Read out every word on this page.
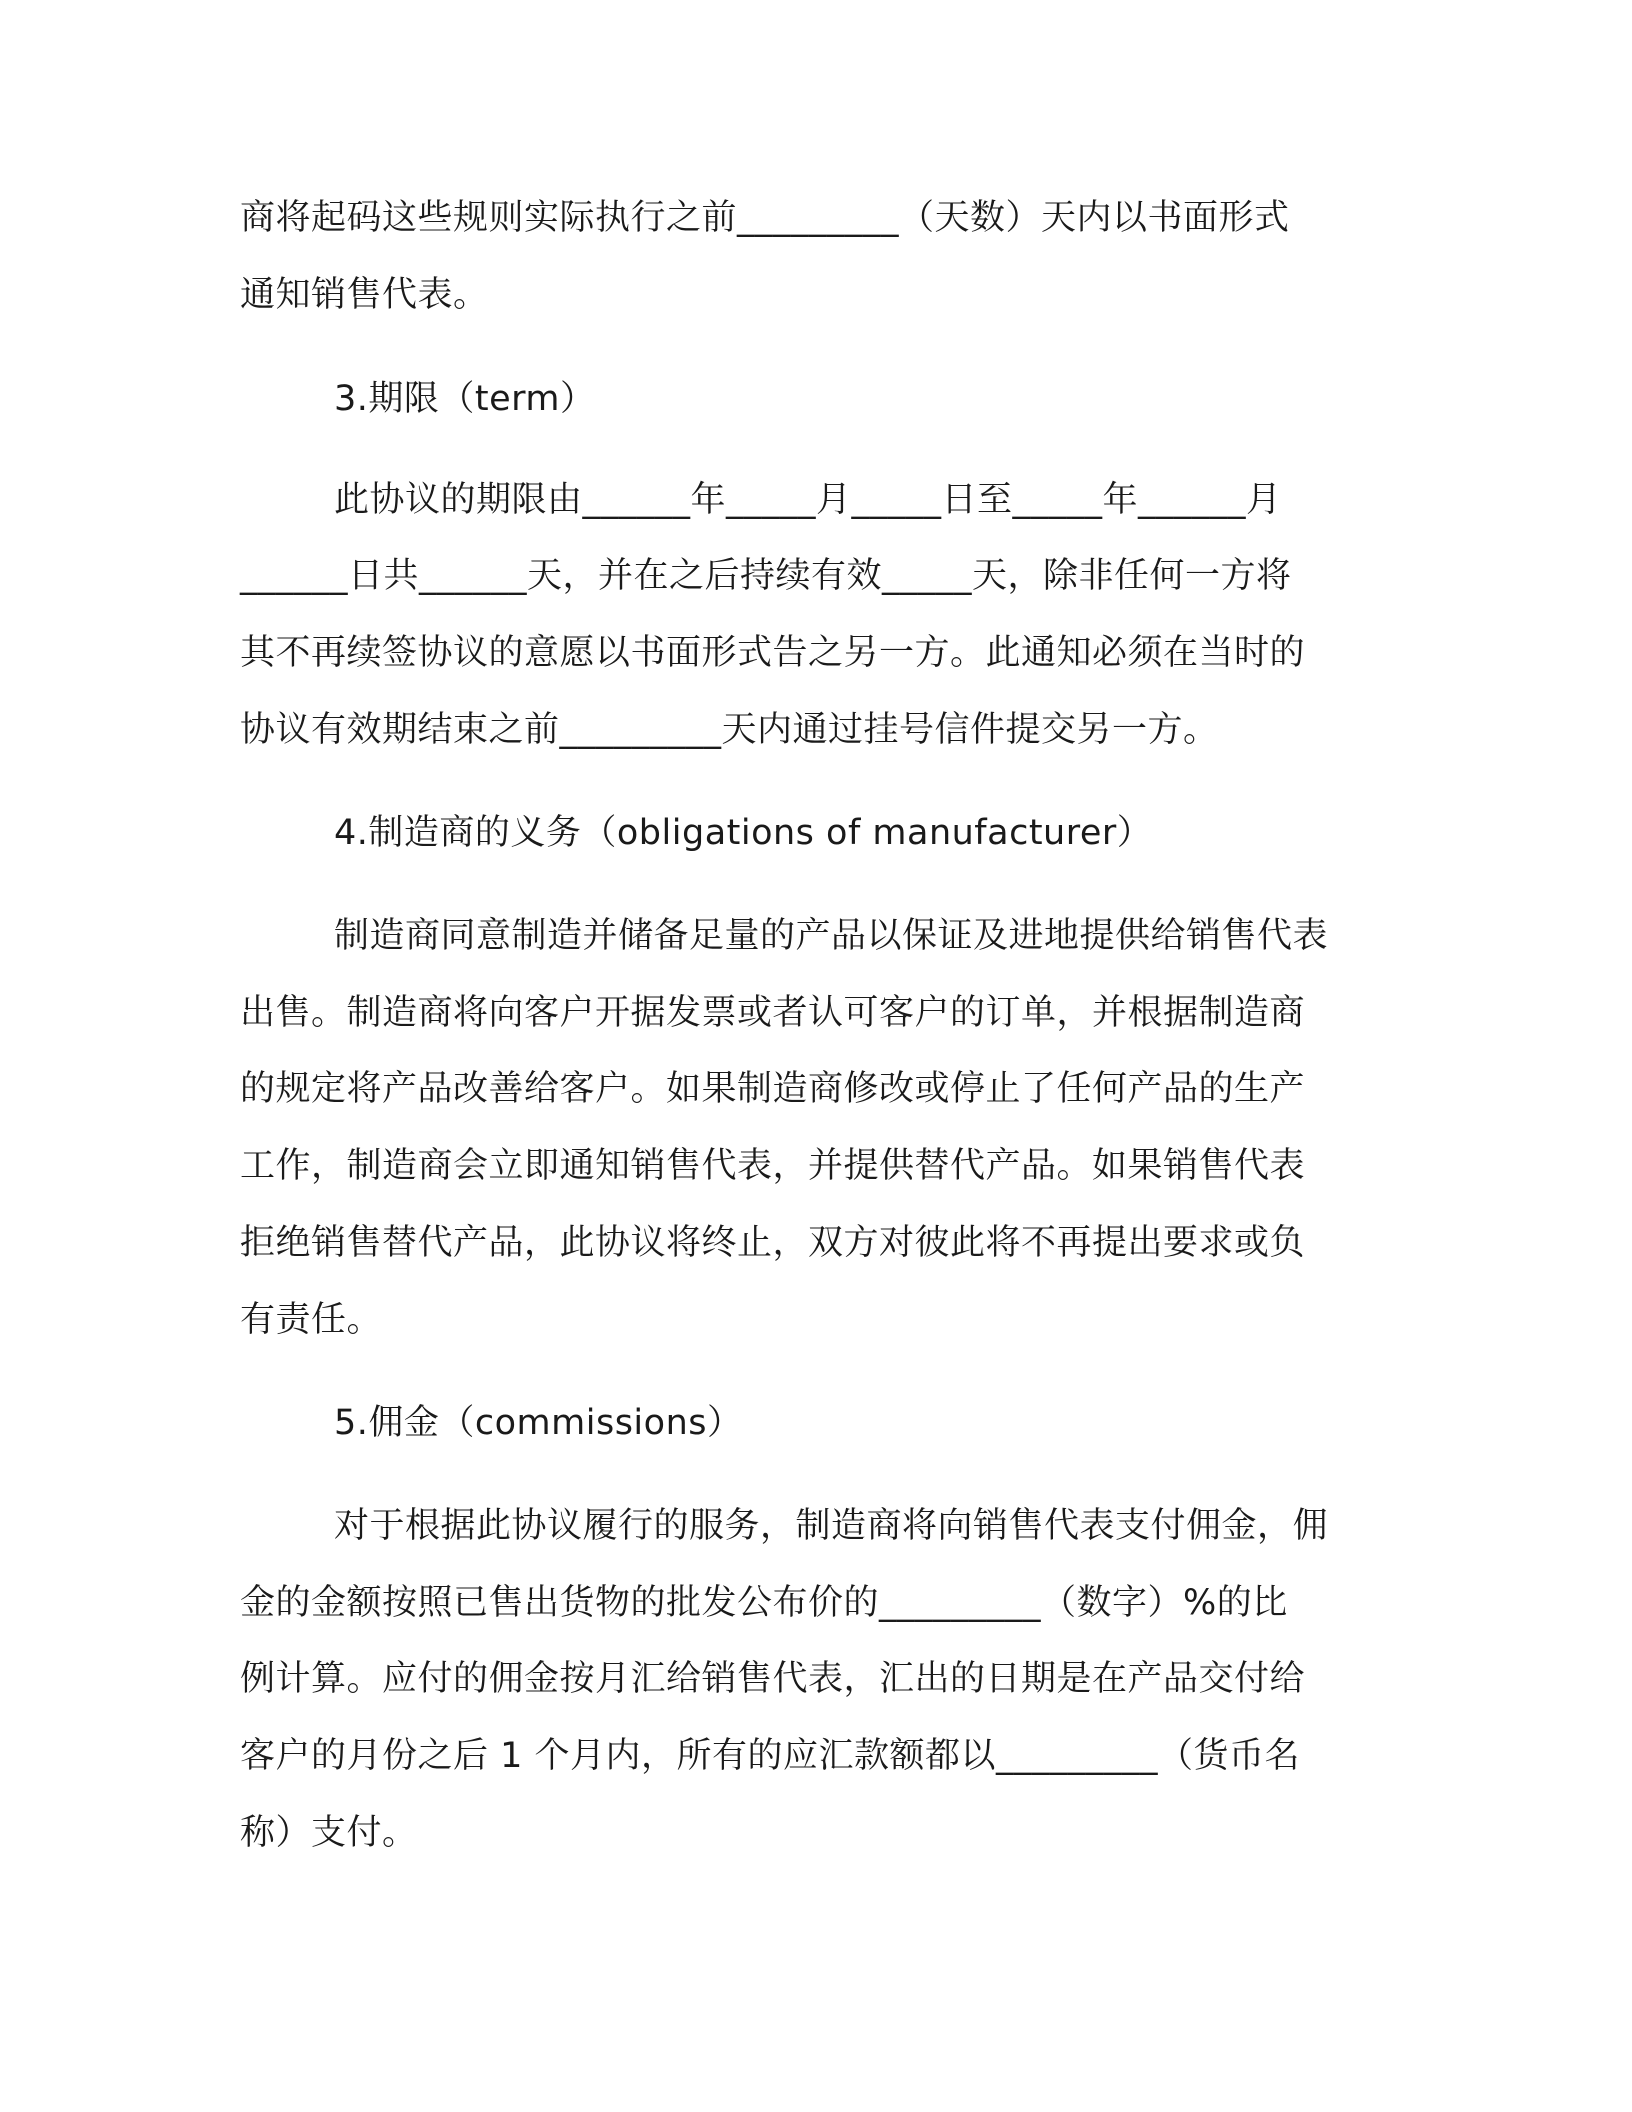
商将起码这些规则实际执行之前_________（天数）天内以书面形式
通知销售代表。
3.期限（term）
此协议的期限由______年_____月_____日至_____年______月
______日共______天，并在之后持续有效_____天，除非任何一方将
其不再续签协议的意愿以书面形式告之另一方。此通知必须在当时的
协议有效期结束之前_________天内通过挂号信件提交另一方。
4.制造商的义务（obligations of manufacturer）
制造商同意制造并储备足量的产品以保证及进地提供给销售代表
出售。制造商将向客户开据发票或者认可客户的订单，并根据制造商
的规定将产品改善给客户。如果制造商修改或停止了任何产品的生产
工作，制造商会立即通知销售代表，并提供替代产品。如果销售代表
拒绝销售替代产品，此协议将终止，双方对彼此将不再提出要求或负
有责任。
5.佣金（commissions）
对于根据此协议履行的服务，制造商将向销售代表支付佣金，佣
金的金额按照已售出货物的批发公布价的_________（数字）%的比
例计算。应付的佣金按月汇给销售代表，汇出的日期是在产品交付给
客户的月份之后 1 个月内，所有的应汇款额都以_________（货币名
称）支付。
